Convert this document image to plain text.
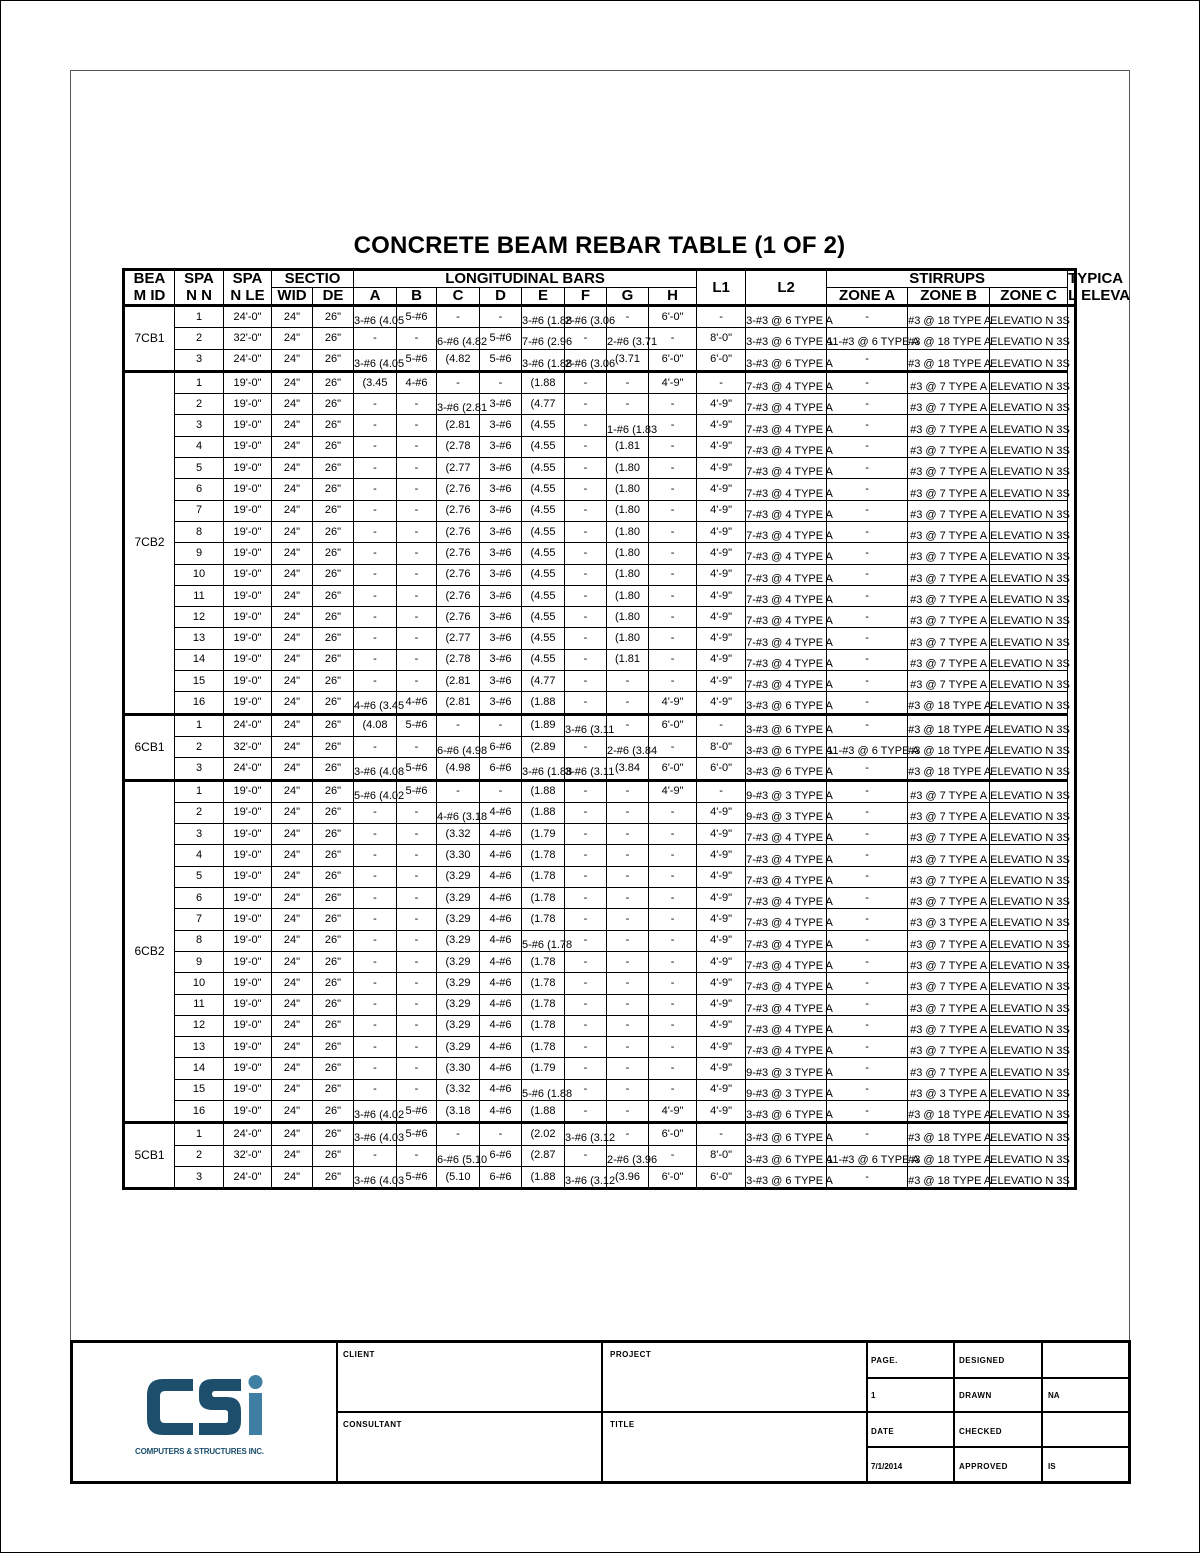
CONCRETE BEAM REBAR TABLE (1 OF 2)
BEA	SPA	SPA	SECTIO		LONGITUDINAL BARS								L1	L2	STIRRUPS			TYPICA
M ID	N N	N LE	WID	DE	A	B	C	D	E	F	G	H			ZONE A	ZONE B	ZONE C	L ELEVA
7CB1	1	24'-0"	24"	26"	3-#6 (4.05	5-#6	-	-	3-#6 (1.88	2-#6 (3.06	-	6'-0"	-	3-#3 @ 6 TYPE A	-	#3 @ 18 TYPE A	ELEVATIO N 3S	

	2	32'-0"	24"	26"	-	-	6-#6 (4.82	5-#6	7-#6 (2.96	-	2-#6 (3.71	-	8'-0"	3-#3 @ 6 TYPE A	11-#3 @ 6 TYPE A	#3 @ 18 TYPE A	ELEVATIO N 3S	

	3	24'-0"	24"	26"	3-#6 (4.05	5-#6	(4.82	5-#6	3-#6 (1.88	2-#6 (3.06	(3.71	6'-0"	6'-0"	3-#3 @ 6 TYPE A	-	#3 @ 18 TYPE A	ELEVATIO N 3S	

7CB2	1	19'-0"	24"	26"	(3.45	4-#6	-	-	(1.88	-	-	4'-9"	-	7-#3 @ 4 TYPE A	-	#3 @ 7 TYPE A	ELEVATIO N 3S	

	2	19'-0"	24"	26"	-	-	3-#6 (2.81	3-#6	(4.77	-	-	-	4'-9"	7-#3 @ 4 TYPE A	-	#3 @ 7 TYPE A	ELEVATIO N 3S	

	3	19'-0"	24"	26"	-	-	(2.81	3-#6	(4.55	-	1-#6 (1.83	-	4'-9"	7-#3 @ 4 TYPE A	-	#3 @ 7 TYPE A	ELEVATIO N 3S	

	4	19'-0"	24"	26"	-	-	(2.78	3-#6	(4.55	-	(1.81	-	4'-9"	7-#3 @ 4 TYPE A	-	#3 @ 7 TYPE A	ELEVATIO N 3S	

	5	19'-0"	24"	26"	-	-	(2.77	3-#6	(4.55	-	(1.80	-	4'-9"	7-#3 @ 4 TYPE A	-	#3 @ 7 TYPE A	ELEVATIO N 3S	

	6	19'-0"	24"	26"	-	-	(2.76	3-#6	(4.55	-	(1.80	-	4'-9"	7-#3 @ 4 TYPE A	-	#3 @ 7 TYPE A	ELEVATIO N 3S	

	7	19'-0"	24"	26"	-	-	(2.76	3-#6	(4.55	-	(1.80	-	4'-9"	7-#3 @ 4 TYPE A	-	#3 @ 7 TYPE A	ELEVATIO N 3S	

	8	19'-0"	24"	26"	-	-	(2.76	3-#6	(4.55	-	(1.80	-	4'-9"	7-#3 @ 4 TYPE A	-	#3 @ 7 TYPE A	ELEVATIO N 3S	

	9	19'-0"	24"	26"	-	-	(2.76	3-#6	(4.55	-	(1.80	-	4'-9"	7-#3 @ 4 TYPE A	-	#3 @ 7 TYPE A	ELEVATIO N 3S	

	10	19'-0"	24"	26"	-	-	(2.76	3-#6	(4.55	-	(1.80	-	4'-9"	7-#3 @ 4 TYPE A	-	#3 @ 7 TYPE A	ELEVATIO N 3S	

	11	19'-0"	24"	26"	-	-	(2.76	3-#6	(4.55	-	(1.80	-	4'-9"	7-#3 @ 4 TYPE A	-	#3 @ 7 TYPE A	ELEVATIO N 3S	

	12	19'-0"	24"	26"	-	-	(2.76	3-#6	(4.55	-	(1.80	-	4'-9"	7-#3 @ 4 TYPE A	-	#3 @ 7 TYPE A	ELEVATIO N 3S	

	13	19'-0"	24"	26"	-	-	(2.77	3-#6	(4.55	-	(1.80	-	4'-9"	7-#3 @ 4 TYPE A	-	#3 @ 7 TYPE A	ELEVATIO N 3S	

	14	19'-0"	24"	26"	-	-	(2.78	3-#6	(4.55	-	(1.81	-	4'-9"	7-#3 @ 4 TYPE A	-	#3 @ 7 TYPE A	ELEVATIO N 3S	

	15	19'-0"	24"	26"	-	-	(2.81	3-#6	(4.77	-	-	-	4'-9"	7-#3 @ 4 TYPE A	-	#3 @ 7 TYPE A	ELEVATIO N 3S	

	16	19'-0"	24"	26"	4-#6 (3.45	4-#6	(2.81	3-#6	(1.88	-	-	4'-9"	4'-9"	3-#3 @ 6 TYPE A	-	#3 @ 18 TYPE A	ELEVATIO N 3S	

6CB1	1	24'-0"	24"	26"	(4.08	5-#6	-	-	(1.89	3-#6 (3.11	-	6'-0"	-	3-#3 @ 6 TYPE A	-	#3 @ 18 TYPE A	ELEVATIO N 3S	

	2	32'-0"	24"	26"	-	-	6-#6 (4.98	6-#6	(2.89	-	2-#6 (3.84	-	8'-0"	3-#3 @ 6 TYPE A	11-#3 @ 6 TYPE A	#3 @ 18 TYPE A	ELEVATIO N 3S	

	3	24'-0"	24"	26"	3-#6 (4.08	5-#6	(4.98	6-#6	3-#6 (1.88	3-#6 (3.11	(3.84	6'-0"	6'-0"	3-#3 @ 6 TYPE A	-	#3 @ 18 TYPE A	ELEVATIO N 3S	

6CB2	1	19'-0"	24"	26"	5-#6 (4.02	5-#6	-	-	(1.88	-	-	4'-9"	-	9-#3 @ 3 TYPE A	-	#3 @ 7 TYPE A	ELEVATIO N 3S	

	2	19'-0"	24"	26"	-	-	4-#6 (3.18	4-#6	(1.88	-	-	-	4'-9"	9-#3 @ 3 TYPE A	-	#3 @ 7 TYPE A	ELEVATIO N 3S	

	3	19'-0"	24"	26"	-	-	(3.32	4-#6	(1.79	-	-	-	4'-9"	7-#3 @ 4 TYPE A	-	#3 @ 7 TYPE A	ELEVATIO N 3S	

	4	19'-0"	24"	26"	-	-	(3.30	4-#6	(1.78	-	-	-	4'-9"	7-#3 @ 4 TYPE A	-	#3 @ 7 TYPE A	ELEVATIO N 3S	

	5	19'-0"	24"	26"	-	-	(3.29	4-#6	(1.78	-	-	-	4'-9"	7-#3 @ 4 TYPE A	-	#3 @ 7 TYPE A	ELEVATIO N 3S	

	6	19'-0"	24"	26"	-	-	(3.29	4-#6	(1.78	-	-	-	4'-9"	7-#3 @ 4 TYPE A	-	#3 @ 7 TYPE A	ELEVATIO N 3S	

	7	19'-0"	24"	26"	-	-	(3.29	4-#6	(1.78	-	-	-	4'-9"	7-#3 @ 4 TYPE A	-	#3 @ 3 TYPE A	ELEVATIO N 3S	

	8	19'-0"	24"	26"	-	-	(3.29	4-#6	5-#6 (1.78	-	-	-	4'-9"	7-#3 @ 4 TYPE A	-	#3 @ 7 TYPE A	ELEVATIO N 3S	

	9	19'-0"	24"	26"	-	-	(3.29	4-#6	(1.78	-	-	-	4'-9"	7-#3 @ 4 TYPE A	-	#3 @ 7 TYPE A	ELEVATIO N 3S	

	10	19'-0"	24"	26"	-	-	(3.29	4-#6	(1.78	-	-	-	4'-9"	7-#3 @ 4 TYPE A	-	#3 @ 7 TYPE A	ELEVATIO N 3S	

	11	19'-0"	24"	26"	-	-	(3.29	4-#6	(1.78	-	-	-	4'-9"	7-#3 @ 4 TYPE A	-	#3 @ 7 TYPE A	ELEVATIO N 3S	

	12	19'-0"	24"	26"	-	-	(3.29	4-#6	(1.78	-	-	-	4'-9"	7-#3 @ 4 TYPE A	-	#3 @ 7 TYPE A	ELEVATIO N 3S	

	13	19'-0"	24"	26"	-	-	(3.29	4-#6	(1.78	-	-	-	4'-9"	7-#3 @ 4 TYPE A	-	#3 @ 7 TYPE A	ELEVATIO N 3S	

	14	19'-0"	24"	26"	-	-	(3.30	4-#6	(1.79	-	-	-	4'-9"	9-#3 @ 3 TYPE A	-	#3 @ 7 TYPE A	ELEVATIO N 3S	

	15	19'-0"	24"	26"	-	-	(3.32	4-#6	5-#6 (1.88	-	-	-	4'-9"	9-#3 @ 3 TYPE A	-	#3 @ 3 TYPE A	ELEVATIO N 3S	

	16	19'-0"	24"	26"	3-#6 (4.02	5-#6	(3.18	4-#6	(1.88	-	-	4'-9"	4'-9"	3-#3 @ 6 TYPE A	-	#3 @ 18 TYPE A	ELEVATIO N 3S	

5CB1	1	24'-0"	24"	26"	3-#6 (4.03	5-#6	-	-	(2.02	3-#6 (3.12	-	6'-0"	-	3-#3 @ 6 TYPE A	-	#3 @ 18 TYPE A	ELEVATIO N 3S	

	2	32'-0"	24"	26"	-	-	6-#6 (5.10	6-#6	(2.87	-	2-#6 (3.96	-	8'-0"	3-#3 @ 6 TYPE A	11-#3 @ 6 TYPE A	#3 @ 18 TYPE A	ELEVATIO N 3S	

	3	24'-0"	24"	26"	3-#6 (4.03	5-#6	(5.10	6-#6	(1.88	3-#6 (3.12	(3.96	6'-0"	6'-0"	3-#3 @ 6 TYPE A	-	#3 @ 18 TYPE A	ELEVATIO N 3S	
COMPUTERS & STRUCTURES INC.
CLIENT
CONSULTANT
PROJECT
TITLE
PAGE.
1
DATE
7/1/2014
DESIGNED
DRAWN
CHECKED
APPROVED
NA
IS
